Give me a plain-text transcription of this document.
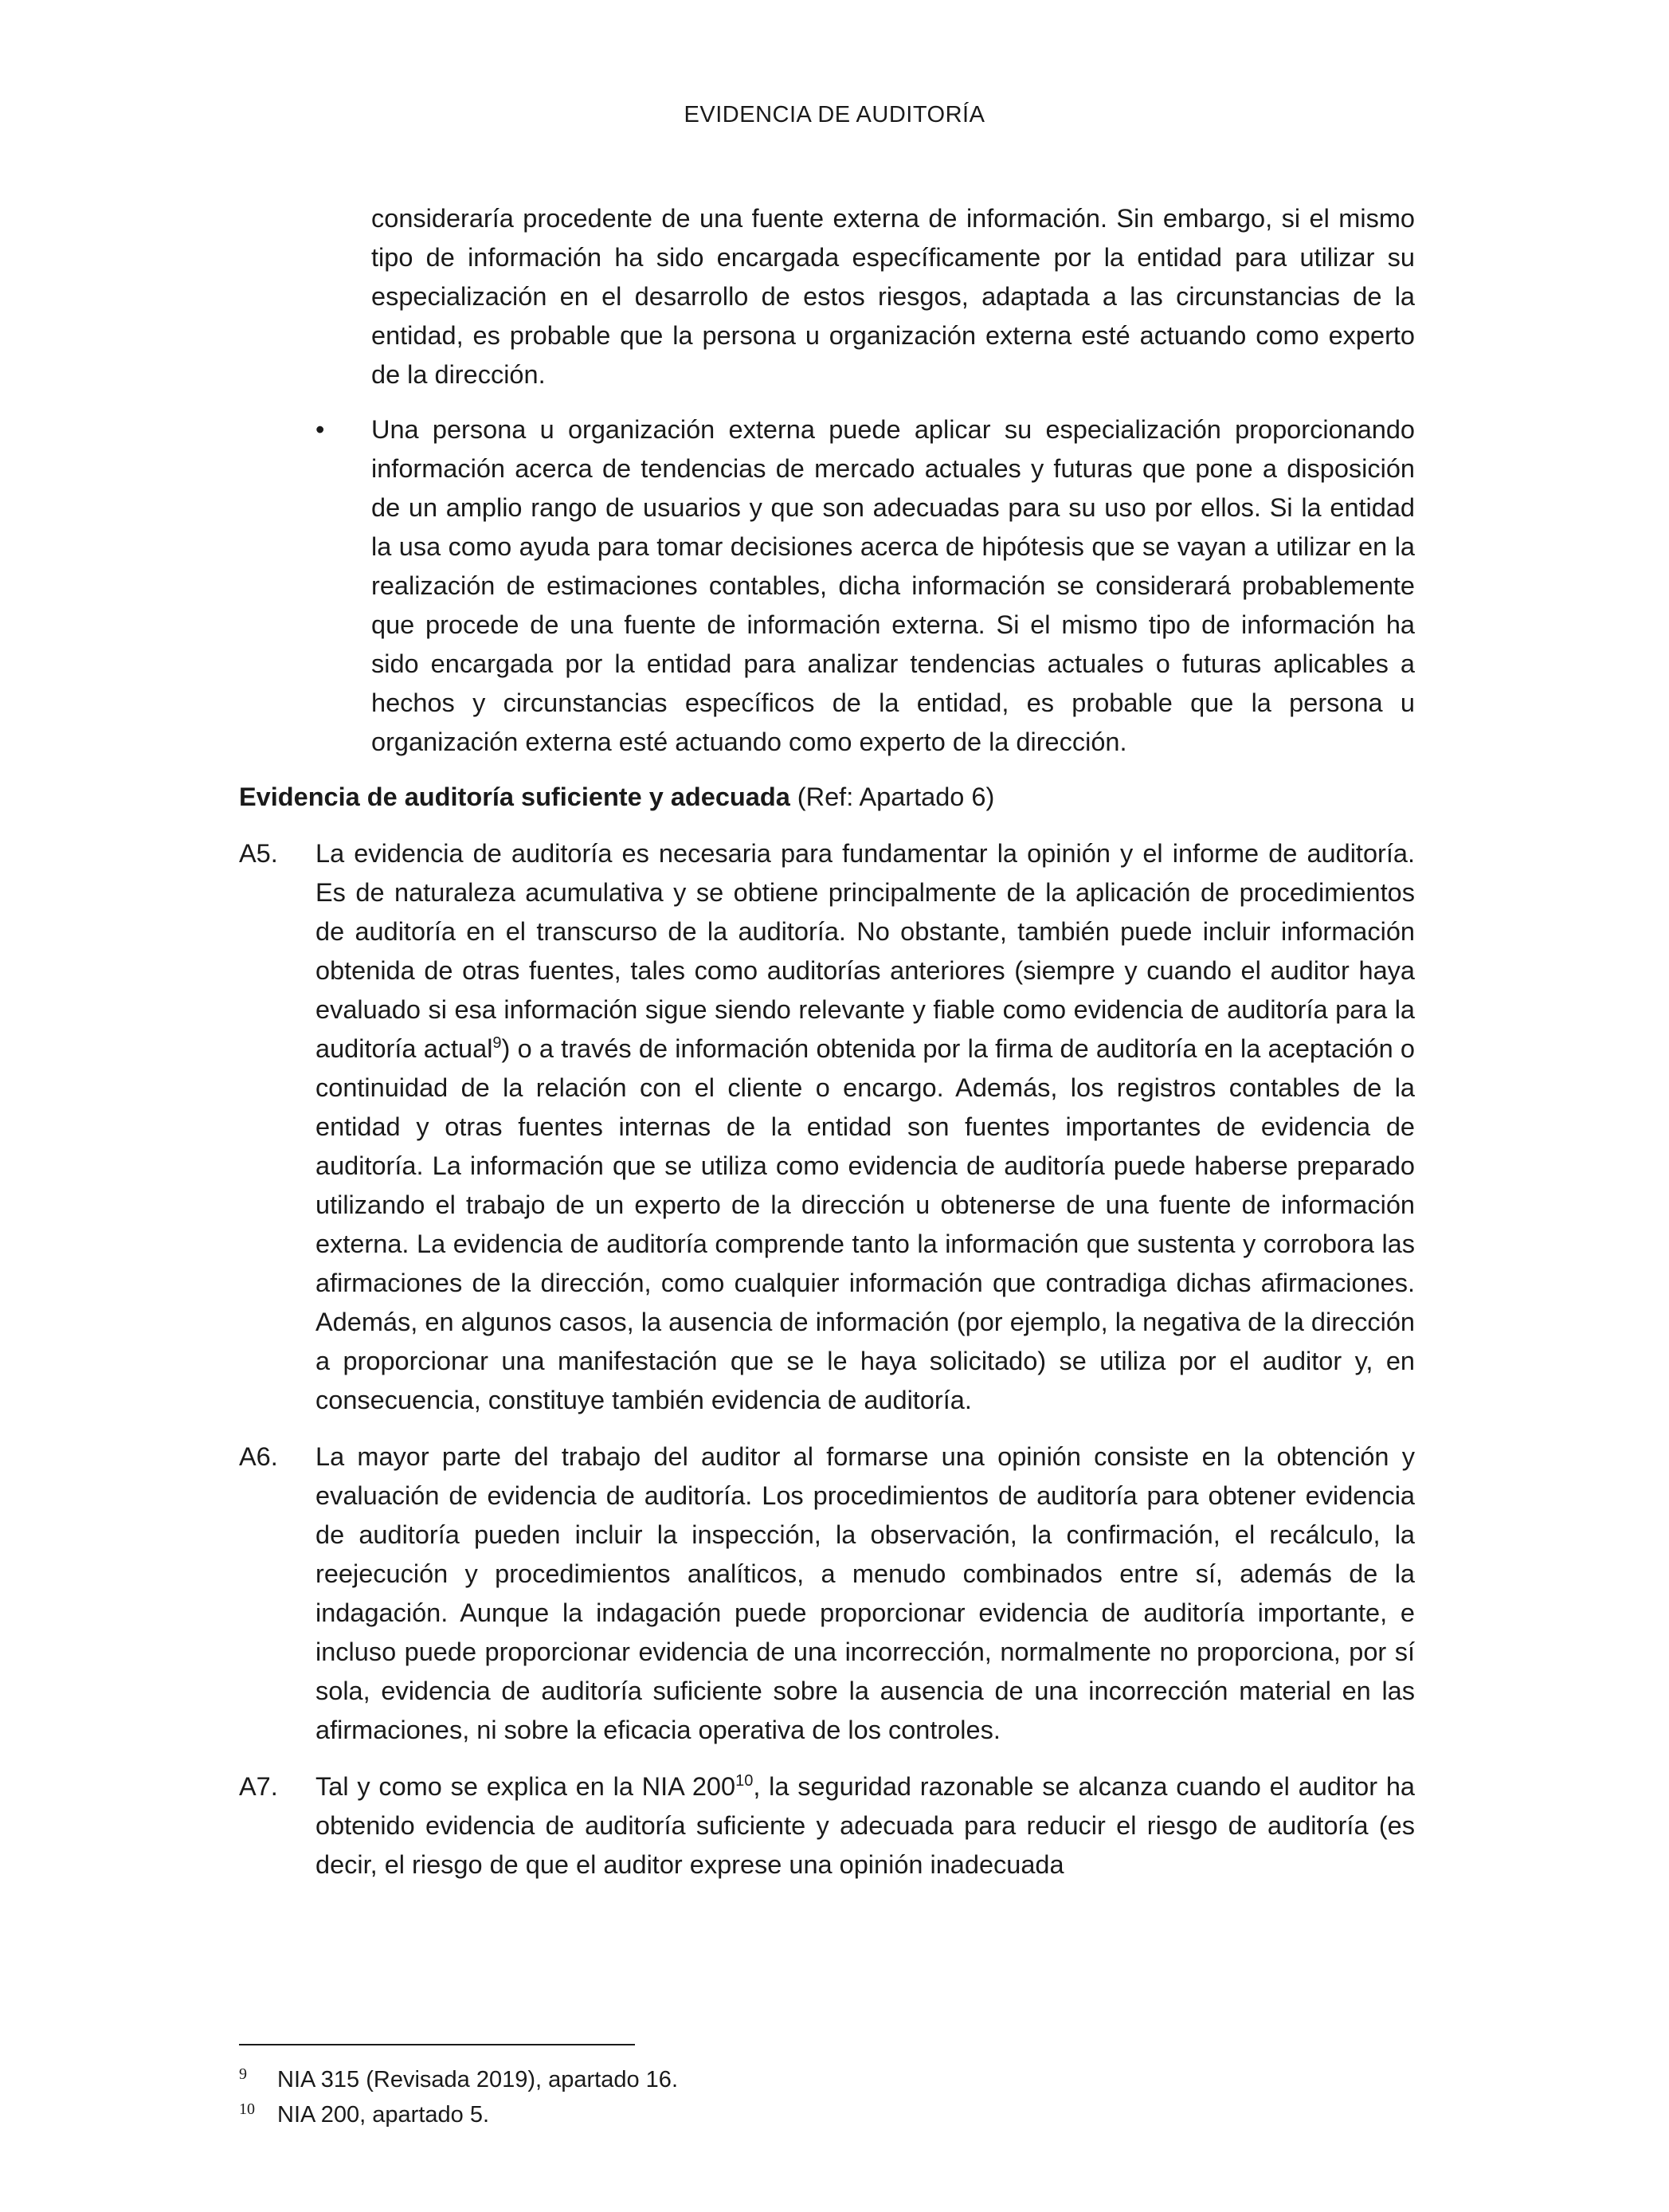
EVIDENCIA DE AUDITORÍA
consideraría procedente de una fuente externa de información. Sin embargo, si el mismo tipo de información ha sido encargada específicamente por la entidad para utilizar su especialización en el desarrollo de estos riesgos, adaptada a las circunstancias de la entidad, es probable que la persona u organización externa esté actuando como experto de la dirección.
•	Una persona u organización externa puede aplicar su especialización proporcionando información acerca de tendencias de mercado actuales y futuras que pone a disposición de un amplio rango de usuarios y que son adecuadas para su uso por ellos. Si la entidad la usa como ayuda para tomar decisiones acerca de hipótesis que se vayan a utilizar en la realización de estimaciones contables, dicha información se considerará probablemente que procede de una fuente de información externa. Si el mismo tipo de información ha sido encargada por la entidad para analizar tendencias actuales o futuras aplicables a hechos y circunstancias específicos de la entidad, es probable que la persona u organización externa esté actuando como experto de la dirección.
Evidencia de auditoría suficiente y adecuada (Ref: Apartado 6)
A5.	La evidencia de auditoría es necesaria para fundamentar la opinión y el informe de auditoría. Es de naturaleza acumulativa y se obtiene principalmente de la aplicación de procedimientos de auditoría en el transcurso de la auditoría. No obstante, también puede incluir información obtenida de otras fuentes, tales como auditorías anteriores (siempre y cuando el auditor haya evaluado si esa información sigue siendo relevante y fiable como evidencia de auditoría para la auditoría actual$^9$) o a través de información obtenida por la firma de auditoría en la aceptación o continuidad de la relación con el cliente o encargo. Además, los registros contables de la entidad y otras fuentes internas de la entidad son fuentes importantes de evidencia de auditoría. La información que se utiliza como evidencia de auditoría puede haberse preparado utilizando el trabajo de un experto de la dirección u obtenerse de una fuente de información externa. La evidencia de auditoría comprende tanto la información que sustenta y corrobora las afirmaciones de la dirección, como cualquier información que contradiga dichas afirmaciones. Además, en algunos casos, la ausencia de información (por ejemplo, la negativa de la dirección a proporcionar una manifestación que se le haya solicitado) se utiliza por el auditor y, en consecuencia, constituye también evidencia de auditoría.
A6.	La mayor parte del trabajo del auditor al formarse una opinión consiste en la obtención y evaluación de evidencia de auditoría. Los procedimientos de auditoría para obtener evidencia de auditoría pueden incluir la inspección, la observación, la confirmación, el recálculo, la reejecución y procedimientos analíticos, a menudo combinados entre sí, además de la indagación. Aunque la indagación puede proporcionar evidencia de auditoría importante, e incluso puede proporcionar evidencia de una incorrección, normalmente no proporciona, por sí sola, evidencia de auditoría suficiente sobre la ausencia de una incorrección material en las afirmaciones, ni sobre la eficacia operativa de los controles.
A7.	Tal y como se explica en la NIA $200^{10}$, la seguridad razonable se alcanza cuando el auditor ha obtenido evidencia de auditoría suficiente y adecuada para reducir el riesgo de auditoría (es decir, el riesgo de que el auditor exprese una opinión inadecuada
9	NIA 315 (Revisada 2019), apartado 16.
10 NIA 200, apartado 5.
